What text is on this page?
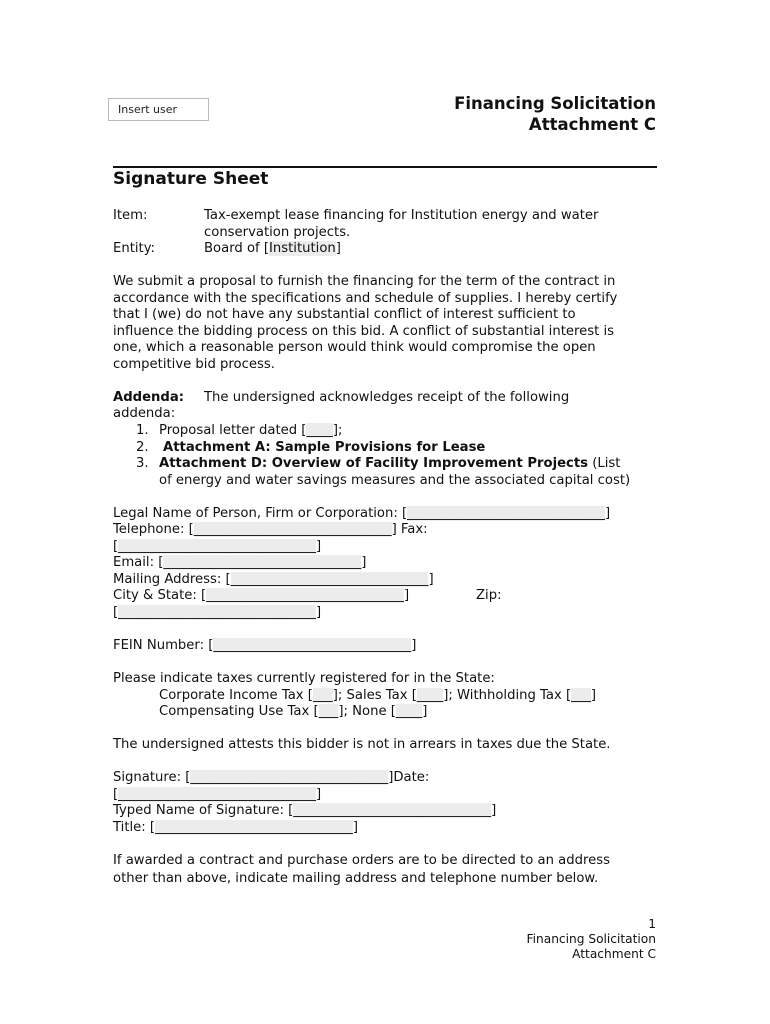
Insert user	Financing Solicitation
Attachment C
Signature Sheet
Item:	Tax-exempt lease financing for Institution energy and water
conservation projects.
Entity:	Board of [Institution]
We submit a proposal to furnish the financing for the term of the contract in
accordance with the specifications and schedule of supplies. I hereby certify
that I (we) do not have any substantial conflict of interest sufficient to
influence the bidding process on this bid. A conflict of substantial interest is
one, which a reasonable person would think would compromise the open
competitive bid process.
Addenda: The undersigned acknowledges receipt of the following
addenda:
1. Proposal letter dated [____];
2. Attachment A: Sample Provisions for Lease
3. Attachment D: Overview of Facility Improvement Projects (List
of energy and water savings measures and the associated capital cost)
Legal Name of Person, Firm or Corporation: [______________________________]
Telephone: [______________________________] Fax:
[______________________________]
Email: [______________________________]
Mailing Address: [______________________________]
City & State: [______________________________]	Zip:
[______________________________]
FEIN Number: [______________________________]
Please indicate taxes currently registered for in the State:
Corporate Income Tax [___]; Sales Tax [____]; Withholding Tax [___]
Compensating Use Tax [___]; None [____]
The undersigned attests this bidder is not in arrears in taxes due the State.
Signature: [______________________________]Date:
[______________________________]
Typed Name of Signature: [______________________________]
Title: [______________________________]
If awarded a contract and purchase orders are to be directed to an address
other than above, indicate mailing address and telephone number below.
1
Financing Solicitation
Attachment C
